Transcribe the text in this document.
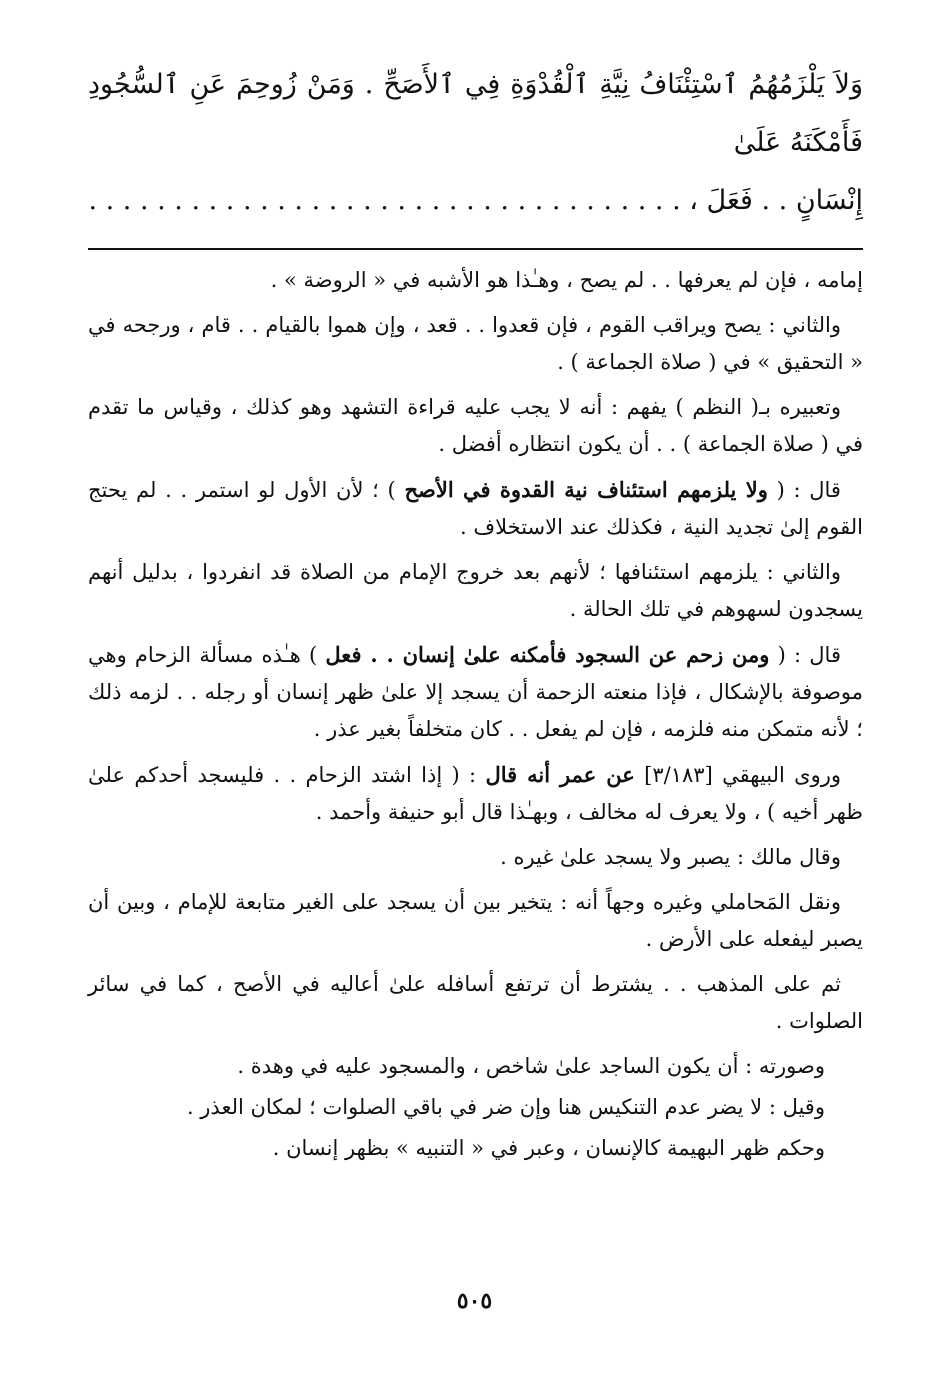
وَلاَ يَلْزَمُهُمُ ٱسْتِئْنَافُ نِيَّةِ ٱلْقُدْوَةِ فِي ٱلأَصَحِّ . وَمَنْ زُوحِمَ عَنِ ٱلسُّجُودِ فَأَمْكَنَهُ عَلَىٰ
إِنْسَانٍ . . فَعَلَ ، . . . . . . . . . . . . . . . . . . . . . . . . . . . . . . . . . . .

إمامه ، فإن لم يعرفها . . لم يصح ، وهـٰذا هو الأشبه في « الروضة » .

والثاني : يصح ويراقب القوم ، فإن قعدوا . . قعد ، وإن هموا بالقيام . . قام ، ورجحه في « التحقيق » في ( صلاة الجماعة ) .

وتعبيره بـ( النظم ) يفهم : أنه لا يجب عليه قراءة التشهد وهو كذلك ، وقياس ما تقدم في ( صلاة الجماعة ) . . أن يكون انتظاره أفضل .

قال : ( ولا يلزمهم استئناف نية القدوة في الأصح ) ؛ لأن الأول لو استمر . . لم يحتج القوم إلىٰ تجديد النية ، فكذلك عند الاستخلاف .

والثاني : يلزمهم استئنافها ؛ لأنهم بعد خروج الإمام من الصلاة قد انفردوا ، بدليل أنهم يسجدون لسهوهم في تلك الحالة .

قال : ( ومن زحم عن السجود فأمكنه علىٰ إنسان . . فعل ) هـٰذه مسألة الزحام وهي موصوفة بالإشكال ، فإذا منعته الزحمة أن يسجد إلا علىٰ ظهر إنسان أو رجله . . لزمه ذلك ؛ لأنه متمكن منه فلزمه ، فإن لم يفعل . . كان متخلفاً بغير عذر .

وروى البيهقي [٣/١٨٣] عن عمر أنه قال : ( إذا اشتد الزحام . . فليسجد أحدكم علىٰ ظهر أخيه ) ، ولا يعرف له مخالف ، وبهـٰذا قال أبو حنيفة وأحمد .

وقال مالك : يصبر ولا يسجد علىٰ غيره .

ونقل المَحاملي وغيره وجهاً أنه : يتخير بين أن يسجد على الغير متابعة للإمام ، وبين أن يصبر ليفعله على الأرض .

ثم على المذهب . . يشترط أن ترتفع أسافله علىٰ أعاليه في الأصح ، كما في سائر الصلوات .

وصورته : أن يكون الساجد علىٰ شاخص ، والمسجود عليه في وهدة .

وقيل : لا يضر عدم التنكيس هنا وإن ضر في باقي الصلوات ؛ لمكان العذر .

وحكم ظهر البهيمة كالإنسان ، وعبر في « التنبيه » بظهر إنسان .

٥٠٥
